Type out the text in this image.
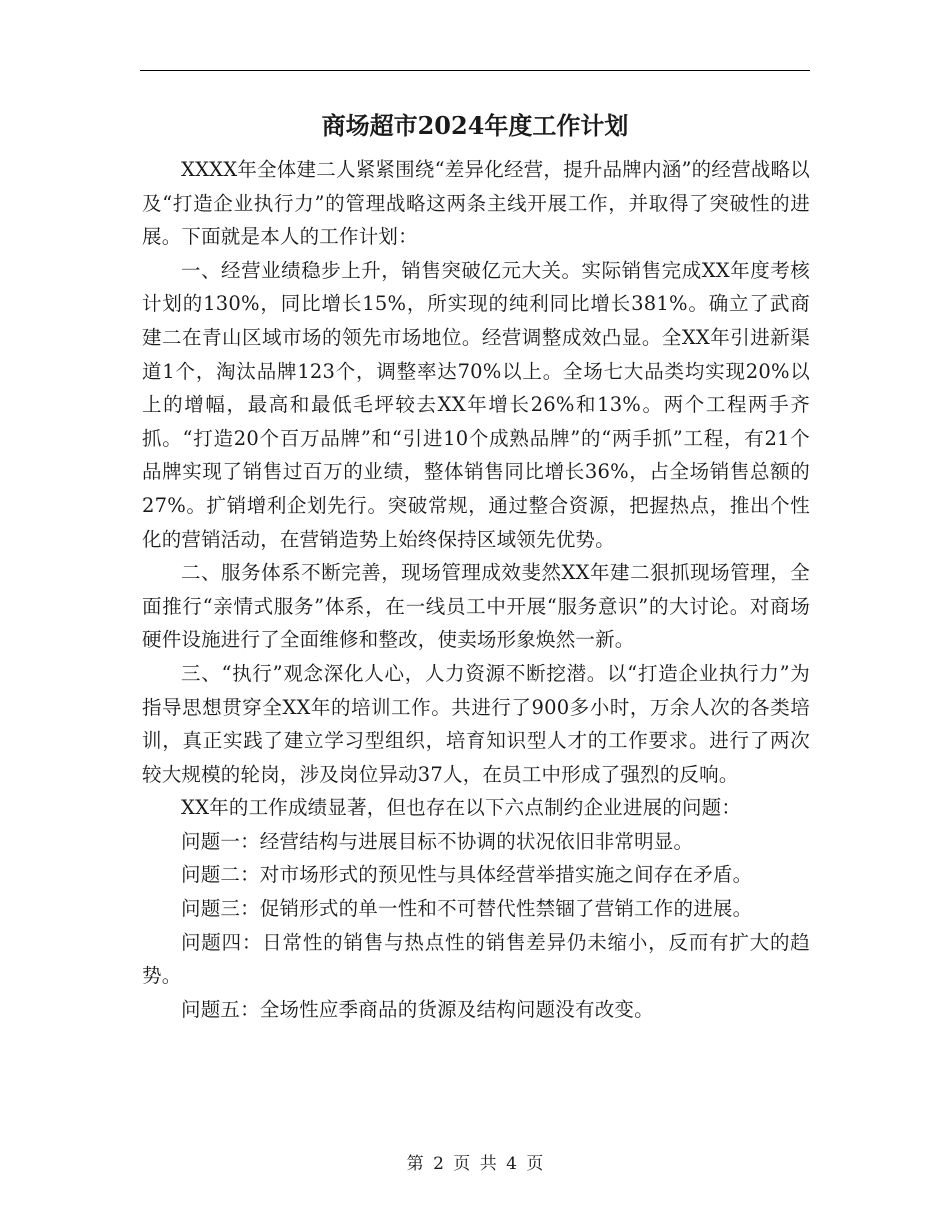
商场超市2024年度工作计划

XXXX年全体建二人紧紧围绕“差异化经营，提升品牌内涵”的经营战略以及“打造企业执行力”的管理战略这两条主线开展工作，并取得了突破性的进展。下面就是本人的工作计划：

一、经营业绩稳步上升，销售突破亿元大关。实际销售完成XX年度考核计划的130%，同比增长15%，所实现的纯利同比增长381%。确立了武商建二在青山区域市场的领先市场地位。经营调整成效凸显。全XX年引进新渠道1个，淘汰品牌123个，调整率达70%以上。全场七大品类均实现20%以上的增幅，最高和最低毛坪较去XX年增长26%和13%。两个工程两手齐抓。“打造20个百万品牌”和“引进10个成熟品牌”的“两手抓”工程，有21个品牌实现了销售过百万的业绩，整体销售同比增长36%，占全场销售总额的27%。扩销增利企划先行。突破常规，通过整合资源，把握热点，推出个性化的营销活动，在营销造势上始终保持区域领先优势。

二、服务体系不断完善，现场管理成效斐然XX年建二狠抓现场管理，全面推行“亲情式服务”体系，在一线员工中开展“服务意识”的大讨论。对商场硬件设施进行了全面维修和整改，使卖场形象焕然一新。

三、“执行”观念深化人心，人力资源不断挖潜。以“打造企业执行力”为指导思想贯穿全XX年的培训工作。共进行了900多小时，万余人次的各类培训，真正实践了建立学习型组织，培育知识型人才的工作要求。进行了两次较大规模的轮岗，涉及岗位异动37人，在员工中形成了强烈的反响。

XX年的工作成绩显著，但也存在以下六点制约企业进展的问题：

问题一：经营结构与进展目标不协调的状况依旧非常明显。

问题二：对市场形式的预见性与具体经营举措实施之间存在矛盾。

问题三：促销形式的单一性和不可替代性禁锢了营销工作的进展。

问题四：日常性的销售与热点性的销售差异仍未缩小，反而有扩大的趋势。

问题五：全场性应季商品的货源及结构问题没有改变。

第 2 页 共 4 页
